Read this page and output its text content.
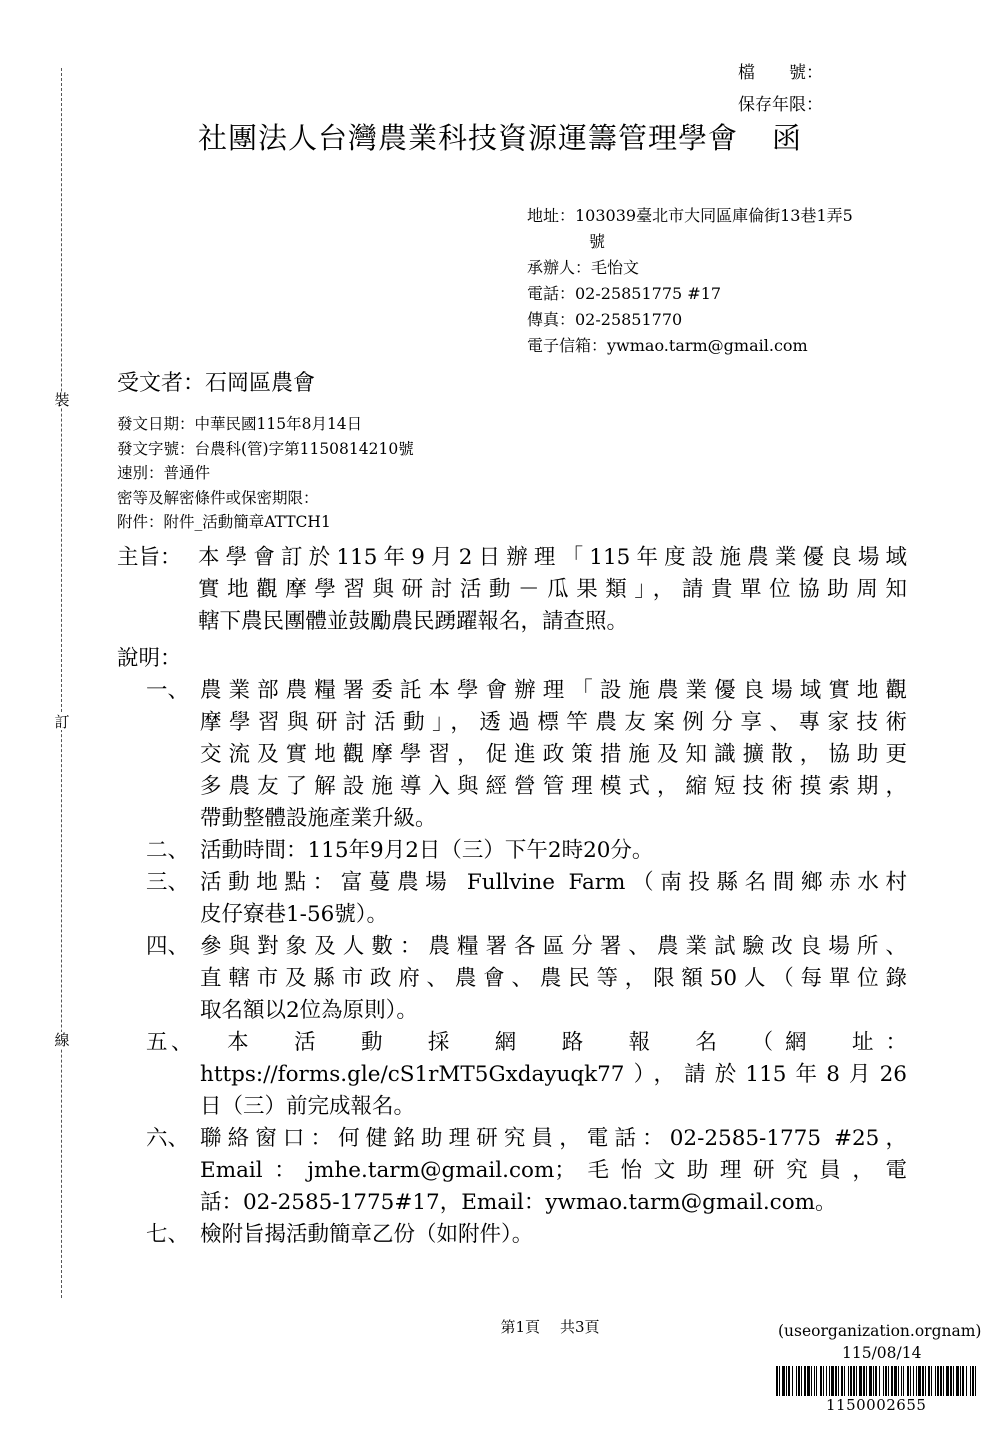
裝
訂
線
檔　　號：
保存年限：
社團法人台灣農業科技資源運籌管理學會 函
地址：103039臺北市大同區庫倫街13巷1弄5
號
承辦人：毛怡文
電話：02-25851775 #17
傳真：02-25851770
電子信箱：ywmao.tarm@gmail.com
受文者：石岡區農會
發文日期：中華民國115年8月14日
發文字號：台農科(管)字第1150814210號
速別：普通件
密等及解密條件或保密期限：
附件：附件_活動簡章ATTCH1
主旨： 本學會訂於115年9月2日辦理「115年度設施農業優良場域
實地觀摩學習與研討活動－瓜果類」，請貴單位協助周知
轄下農民團體並鼓勵農民踴躍報名，請查照。
說明：
一、 農業部農糧署委託本學會辦理「設施農業優良場域實地觀
摩學習與研討活動」，透過標竿農友案例分享、專家技術
交流及實地觀摩學習，促進政策措施及知識擴散，協助更
多農友了解設施導入與經營管理模式，縮短技術摸索期，
帶動整體設施產業升級。
二、 活動時間：115年9月2日（三）下午2時20分。
三、 活動地點：富蔓農場 Fullvine Farm（南投縣名間鄉赤水村
皮仔寮巷1-56號）。
四、 參與對象及人數：農糧署各區分署、農業試驗改良場所、
直轄市及縣市政府、農會、農民等，限額50人（每單位錄
取名額以2位為原則）。
五 、　本　活　動　採　網　路　報　名　（網　址：
https://forms.gle/cS1rMT5Gxdayuqk77），請於115年8月26
日（三）前完成報名。
六、 聯絡窗口：何健銘助理研究員，電話：02-2585-1775 #25，
Email：jmhe.tarm@gmail.com；毛怡文助理研究員，電
話：02-2585-1775#17，Email：ywmao.tarm@gmail.com。
七、 檢附旨揭活動簡章乙份（如附件）。
第1頁 共3頁	(useorganization.orgnam)
115/08/14
1150002655
